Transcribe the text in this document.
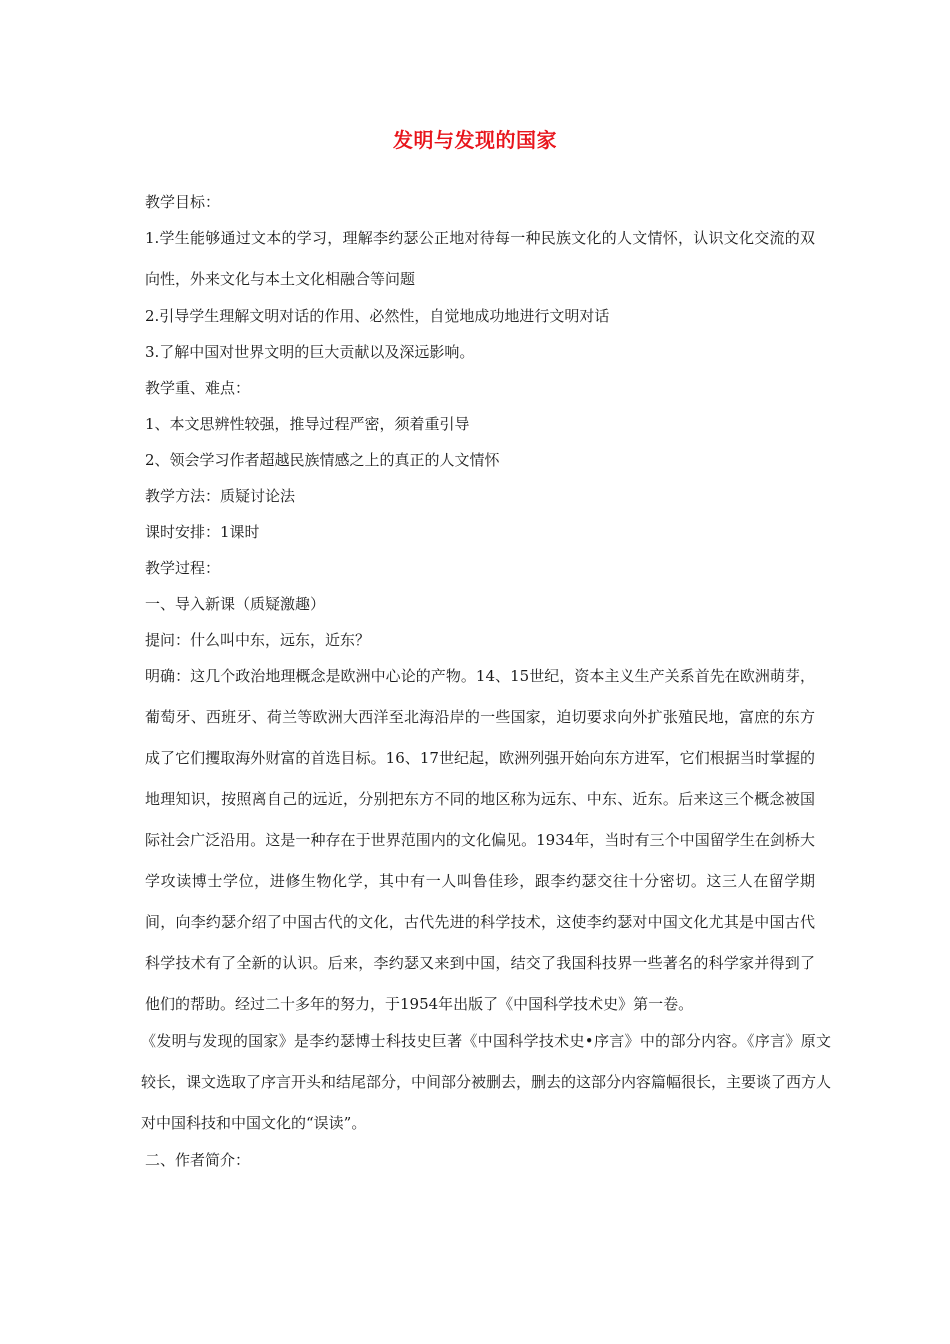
发明与发现的国家

教学目标：

1.学生能够通过文本的学习，理解李约瑟公正地对待每一种民族文化的人文情怀，认识文化交流的双向性，外来文化与本土文化相融合等问题

2.引导学生理解文明对话的作用、必然性，自觉地成功地进行文明对话

3.了解中国对世界文明的巨大贡献以及深远影响。

教学重、难点：

1、本文思辨性较强，推导过程严密，须着重引导

2、领会学习作者超越民族情感之上的真正的人文情怀

教学方法：质疑讨论法

课时安排：1课时

教学过程：

一、导入新课（质疑激趣）

提问：什么叫中东，远东，近东？

明确：这几个政治地理概念是欧洲中心论的产物。14、15世纪，资本主义生产关系首先在欧洲萌芽，葡萄牙、西班牙、荷兰等欧洲大西洋至北海沿岸的一些国家，迫切要求向外扩张殖民地，富庶的东方成了它们攫取海外财富的首选目标。16、17世纪起，欧洲列强开始向东方进军，它们根据当时掌握的地理知识，按照离自己的远近，分别把东方不同的地区称为远东、中东、近东。后来这三个概念被国际社会广泛沿用。这是一种存在于世界范围内的文化偏见。1934年，当时有三个中国留学生在剑桥大学攻读博士学位，进修生物化学，其中有一人叫鲁佳珍，跟李约瑟交往十分密切。这三人在留学期间，向李约瑟介绍了中国古代的文化，古代先进的科学技术，这使李约瑟对中国文化尤其是中国古代科学技术有了全新的认识。后来，李约瑟又来到中国，结交了我国科技界一些著名的科学家并得到了他们的帮助。经过二十多年的努力，于1954年出版了《中国科学技术史》第一卷。

《发明与发现的国家》是李约瑟博士科技史巨著《中国科学技术史•序言》中的部分内容。《序言》原文较长，课文选取了序言开头和结尾部分，中间部分被删去，删去的这部分内容篇幅很长，主要谈了西方人对中国科技和中国文化的“误读”。

二、作者简介：
